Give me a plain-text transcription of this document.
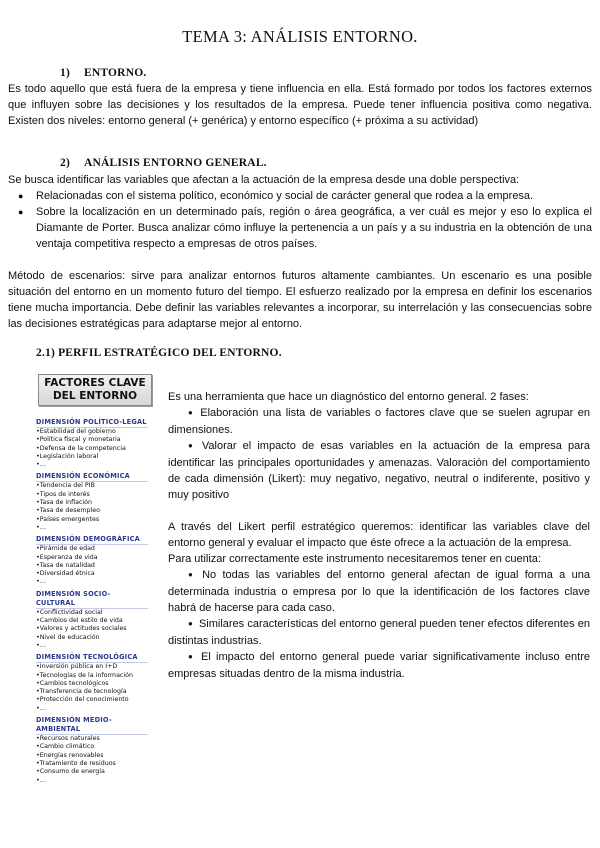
TEMA 3: ANÁLISIS ENTORNO.
1) ENTORNO.

Es todo aquello que está fuera de la empresa y tiene influencia en ella. Está formado por todos los factores externos que influyen sobre las decisiones y los resultados de la empresa. Puede tener influencia positiva como negativa. Existen dos niveles: entorno general (+ genérica) y entorno específico (+ próxima a su actividad)

2) ANÁLISIS ENTORNO GENERAL.

Se busca identificar las variables que afectan a la actuación de la empresa desde una doble perspectiva:

● Relacionadas con el sistema político, económico y social de carácter general que rodea a la empresa.
● Sobre la localización en un determinado país, región o área geográfica, a ver cuál es mejor y eso lo explica el Diamante de Porter. Busca analizar cómo influye la pertenencia a un país y a su industria en la obtención de una ventaja competitiva respecto a empresas de otros países.

Método de escenarios: sirve para analizar entornos futuros altamente cambiantes. Un escenario es una posible situación del entorno en un momento futuro del tiempo. El esfuerzo realizado por la empresa en definir los escenarios tiene mucha importancia. Debe definir las variables relevantes a incorporar, su interrelación y las consecuencias sobre las decisiones estratégicas para adaptarse mejor al entorno.

2.1) PERFIL ESTRATÉGICO DEL ENTORNO.
FACTORES CLAVE
DEL ENTORNO
DIMENSIÓN POLÍTICO-LEGAL
• Estabilidad del gobierno
• Política fiscal y monetaria
• Defensa de la competencia
• Legislación laboral
• …
DIMENSIÓN ECONÓMICA
• Tendencia del PIB
• Tipos de interés
• Tasa de inflación
• Tasa de desempleo
• Países emergentes
• …
DIMENSIÓN DEMOGRÁFICA
• Pirámide de edad
• Esperanza de vida
• Tasa de natalidad
• Diversidad étnica
• …
DIMENSIÓN SOCIO-CULTURAL
• Conflictividad social
• Cambios del estilo de vida
• Valores y actitudes sociales
• Nivel de educación
• …
DIMENSIÓN TECNOLÓGICA
• Inversión pública en I+D
• Tecnologías de la información
• Cambios tecnológicos
• Transferencia de tecnología
• Protección del conocimiento
• …
DIMENSIÓN MEDIO-AMBIENTAL
• Recursos naturales
• Cambio climático
• Energías renovables
• Tratamiento de residuos
• Consumo de energía
• …

Es una herramienta que hace un diagnóstico del entorno general. 2 fases:

● Elaboración una lista de variables o factores clave que se suelen agrupar en dimensiones.

● Valorar el impacto de esas variables en la actuación de la empresa para identificar las principales oportunidades y amenazas. Valoración del comportamiento de cada dimensión (Likert): muy negativo, negativo, neutral o indiferente, positivo y muy positivo

A través del Likert perfil estratégico queremos: identificar las variables clave del entorno general y evaluar el impacto que éste ofrece a la actuación de la empresa.

Para utilizar correctamente este instrumento necesitaremos tener en cuenta:

● No todas las variables del entorno general afectan de igual forma a una determinada industria o empresa por lo que la identificación de los factores clave habrá de hacerse para cada caso.

● Similares características del entorno general pueden tener efectos diferentes en distintas industrias.

● El impacto del entorno general puede variar significativamente incluso entre empresas situadas dentro de la misma industria.
